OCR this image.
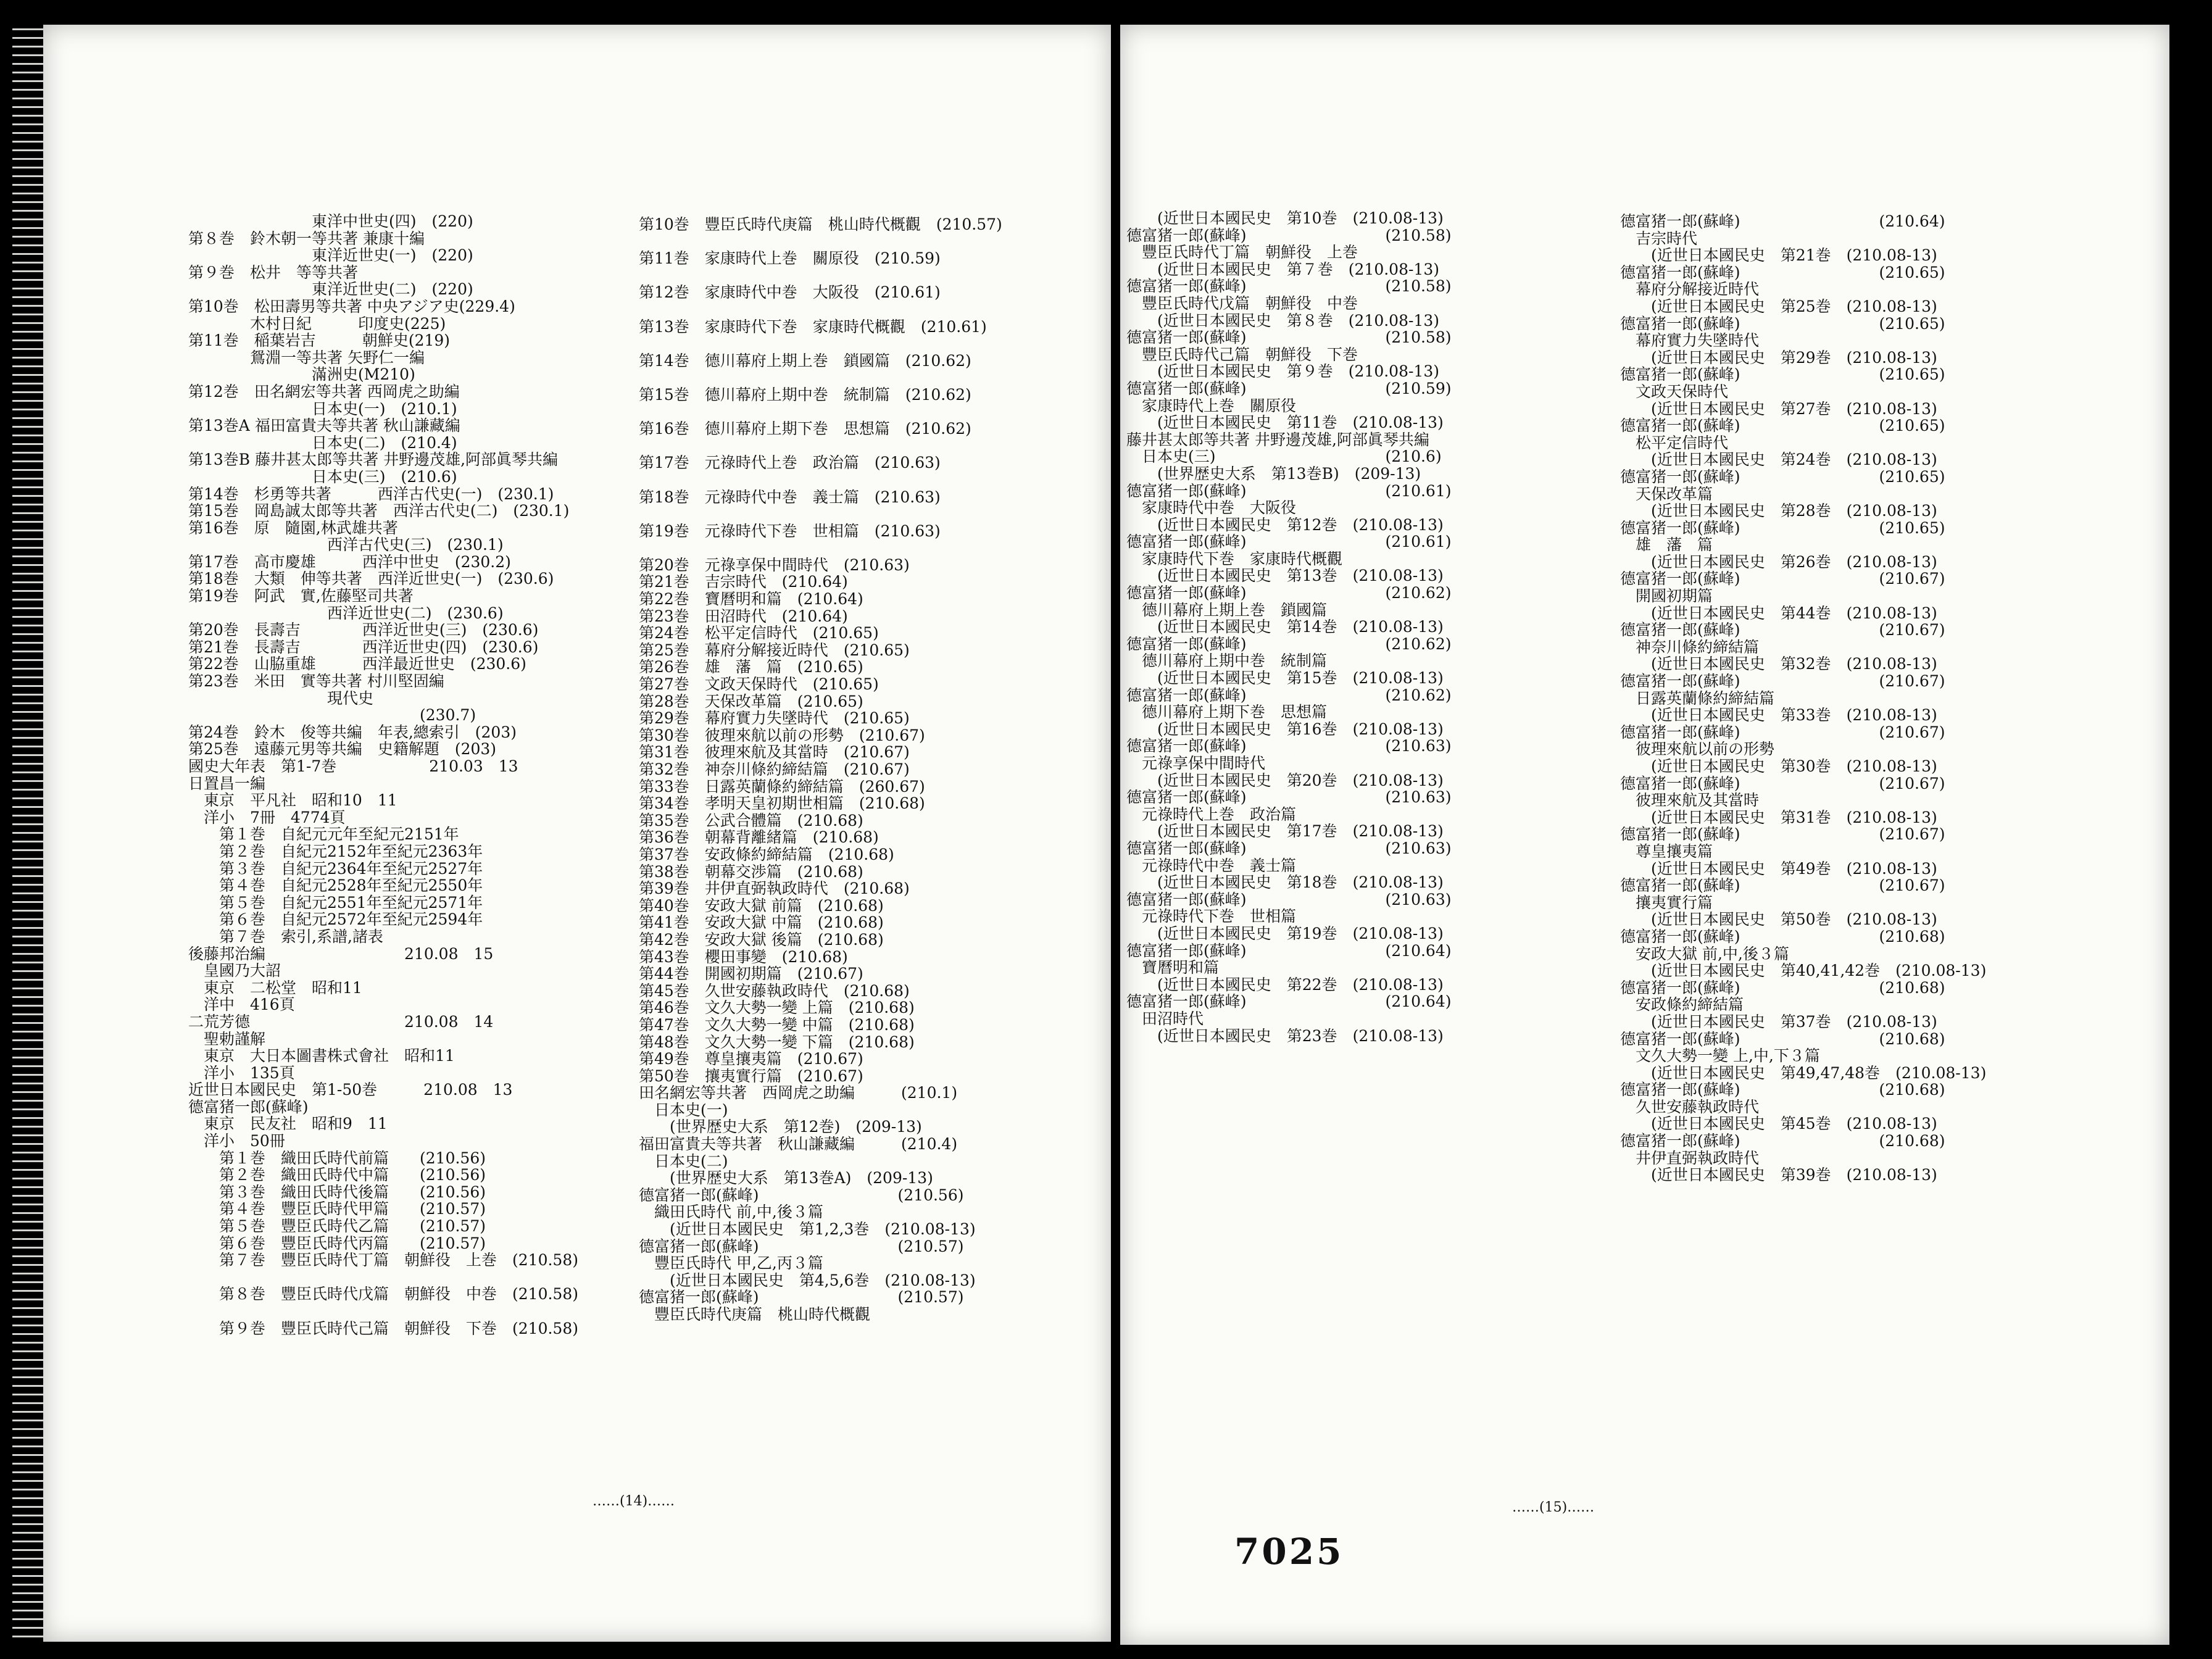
　　　　　　　　東洋中世史(四)　(220)
第８巻　鈴木朝一等共著 兼康十編
　　　　　　　　東洋近世史(一)　(220)
第９巻　松井　等等共著
　　　　　　　　東洋近世史(二)　(220)
第10巻　松田壽男等共著 中央アジア史(229.4)
　　　　木村日紀　　　印度史(225)
第11巻　稲葉岩吉　　　朝鮮史(219)
　　　　鴛淵一等共著 矢野仁一編
　　　　　　　　滿洲史(M210)
第12巻　田名網宏等共著 西岡虎之助編
　　　　　　　　日本史(一)　(210.1)
第13巻A 福田富貴夫等共著 秋山謙藏編
　　　　　　　　日本史(二)　(210.4)
第13巻B 藤井甚太郎等共著 井野邊茂雄,阿部眞琴共編
　　　　　　　　日本史(三)　(210.6)
第14巻　杉勇等共著　　　西洋古代史(一)　(230.1)
第15巻　岡島誠太郎等共著　西洋古代史(二)　(230.1)
第16巻　原　隨園,林武雄共著
　　　　　　　　　西洋古代史(三)　(230.1)
第17巻　高市慶雄　　　西洋中世史　(230.2)
第18巻　大類　伸等共著　西洋近世史(一)　(230.6)
第19巻　阿武　實,佐藤堅司共著
　　　　　　　　　西洋近世史(二)　(230.6)
第20巻　長壽吉　　　　西洋近世史(三)　(230.6)
第21巻　長壽吉　　　　西洋近世史(四)　(230.6)
第22巻　山脇重雄　　　西洋最近世史　(230.6)
第23巻　米田　實等共著 村川堅固編
　　　　　　　　　現代史
　　　　　　　　　　　　　　　(230.7)
第24巻　鈴木　俊等共編　年表,總索引　(203)
第25巻　遠藤元男等共編　史籍解題　(203)
國史大年表　第1-7巻　　　　　　210.03　13
日置昌一編
　東京　平凡社　昭和10　11
　洋小　7冊　4774頁
　　第１巻　自紀元元年至紀元2151年
　　第２巻　自紀元2152年至紀元2363年
　　第３巻　自紀元2364年至紀元2527年
　　第４巻　自紀元2528年至紀元2550年
　　第５巻　自紀元2551年至紀元2571年
　　第６巻　自紀元2572年至紀元2594年
　　第７巻　索引,系譜,諸表
後藤邦治編　　　　　　　　　210.08　15
　皇國乃大詔
　東京　二松堂　昭和11
　洋中　416頁
二荒芳德　　　　　　　　　　210.08　14
　聖勅謹解
　東京　大日本圖書株式會社　昭和11
　洋小　135頁
近世日本國民史　第1-50巻　　　210.08　13
德富猪一郎(蘇峰)
　東京　民友社　昭和9　11
　洋小　50冊
　　第１巻　織田氏時代前篇　　(210.56)
　　第２巻　織田氏時代中篇　　(210.56)
　　第３巻　織田氏時代後篇　　(210.56)
　　第４巻　豐臣氏時代甲篇　　(210.57)
　　第５巻　豐臣氏時代乙篇　　(210.57)
　　第６巻　豐臣氏時代丙篇　　(210.57)
　　第７巻　豐臣氏時代丁篇　朝鮮役　上巻　(210.58)
　　第８巻　豐臣氏時代戊篇　朝鮮役　中巻　(210.58)
　　第９巻　豐臣氏時代己篇　朝鮮役　下巻　(210.58)
第10巻　豐臣氏時代庚篇　桃山時代概觀　(210.57)
第11巻　家康時代上巻　關原役　(210.59)
第12巻　家康時代中巻　大阪役　(210.61)
第13巻　家康時代下巻　家康時代概觀　(210.61)
第14巻　德川幕府上期上巻　鎖國篇　(210.62)
第15巻　德川幕府上期中巻　統制篇　(210.62)
第16巻　德川幕府上期下巻　思想篇　(210.62)
第17巻　元祿時代上巻　政治篇　(210.63)
第18巻　元祿時代中巻　義士篇　(210.63)
第19巻　元祿時代下巻　世相篇　(210.63)
第20巻　元祿享保中間時代　(210.63)
第21巻　吉宗時代　(210.64)
第22巻　寶曆明和篇　(210.64)
第23巻　田沼時代　(210.64)
第24巻　松平定信時代　(210.65)
第25巻　幕府分解接近時代　(210.65)
第26巻　雄　藩　篇　(210.65)
第27巻　文政天保時代　(210.65)
第28巻　天保改革篇　(210.65)
第29巻　幕府實力失墜時代　(210.65)
第30巻　彼理來航以前の形勢　(210.67)
第31巻　彼理來航及其當時　(210.67)
第32巻　神奈川條約締結篇　(210.67)
第33巻　日露英蘭條約締結篇　(260.67)
第34巻　孝明天皇初期世相篇　(210.68)
第35巻　公武合體篇　(210.68)
第36巻　朝幕背離緒篇　(210.68)
第37巻　安政條約締結篇　(210.68)
第38巻　朝幕交渉篇　(210.68)
第39巻　井伊直弼執政時代　(210.68)
第40巻　安政大獄 前篇　(210.68)
第41巻　安政大獄 中篇　(210.68)
第42巻　安政大獄 後篇　(210.68)
第43巻　櫻田事變　(210.68)
第44巻　開國初期篇　(210.67)
第45巻　久世安藤執政時代　(210.68)
第46巻　文久大勢一變 上篇　(210.68)
第47巻　文久大勢一變 中篇　(210.68)
第48巻　文久大勢一變 下篇　(210.68)
第49巻　尊皇攘夷篇　(210.67)
第50巻　攘夷實行篇　(210.67)
田名網宏等共著　西岡虎之助編　　　(210.1)
　日本史(一)
　　(世界歴史大系　第12巻)　(209-13)
福田富貴夫等共著　秋山謙藏編　　　(210.4)
　日本史(二)
　　(世界歴史大系　第13巻A)　(209-13)
德富猪一郎(蘇峰)　　　　　　　　　(210.56)
　織田氏時代 前,中,後３篇
　　(近世日本國民史　第1,2,3巻　(210.08-13)
德富猪一郎(蘇峰)　　　　　　　　　(210.57)
　豐臣氏時代 甲,乙,丙３篇
　　(近世日本國民史　第4,5,6巻　(210.08-13)
德富猪一郎(蘇峰)　　　　　　　　　(210.57)
　豐臣氏時代庚篇　桃山時代概觀
……(14)……
　　(近世日本國民史　第10巻　(210.08-13)
德富猪一郎(蘇峰)　　　　　　　　　(210.58)
　豐臣氏時代丁篇　朝鮮役　上巻
　　(近世日本國民史　第７巻　(210.08-13)
德富猪一郎(蘇峰)　　　　　　　　　(210.58)
　豐臣氏時代戊篇　朝鮮役　中巻
　　(近世日本國民史　第８巻　(210.08-13)
德富猪一郎(蘇峰)　　　　　　　　　(210.58)
　豐臣氏時代己篇　朝鮮役　下巻
　　(近世日本國民史　第９巻　(210.08-13)
德富猪一郎(蘇峰)　　　　　　　　　(210.59)
　家康時代上巻　關原役
　　(近世日本國民史　第11巻　(210.08-13)
藤井甚太郎等共著 井野邊茂雄,阿部眞琴共編
　日本史(三)　　　　　　　　　　　(210.6)
　　(世界歴史大系　第13巻B)　(209-13)
德富猪一郎(蘇峰)　　　　　　　　　(210.61)
　家康時代中巻　大阪役
　　(近世日本國民史　第12巻　(210.08-13)
德富猪一郎(蘇峰)　　　　　　　　　(210.61)
　家康時代下巻　家康時代概觀
　　(近世日本國民史　第13巻　(210.08-13)
德富猪一郎(蘇峰)　　　　　　　　　(210.62)
　德川幕府上期上巻　鎖國篇
　　(近世日本國民史　第14巻　(210.08-13)
德富猪一郎(蘇峰)　　　　　　　　　(210.62)
　德川幕府上期中巻　統制篇
　　(近世日本國民史　第15巻　(210.08-13)
德富猪一郎(蘇峰)　　　　　　　　　(210.62)
　德川幕府上期下巻　思想篇
　　(近世日本國民史　第16巻　(210.08-13)
德富猪一郎(蘇峰)　　　　　　　　　(210.63)
　元祿享保中間時代
　　(近世日本國民史　第20巻　(210.08-13)
德富猪一郎(蘇峰)　　　　　　　　　(210.63)
　元祿時代上巻　政治篇
　　(近世日本國民史　第17巻　(210.08-13)
德富猪一郎(蘇峰)　　　　　　　　　(210.63)
　元祿時代中巻　義士篇
　　(近世日本國民史　第18巻　(210.08-13)
德富猪一郎(蘇峰)　　　　　　　　　(210.63)
　元祿時代下巻　世相篇
　　(近世日本國民史　第19巻　(210.08-13)
德富猪一郎(蘇峰)　　　　　　　　　(210.64)
　寶曆明和篇
　　(近世日本國民史　第22巻　(210.08-13)
德富猪一郎(蘇峰)　　　　　　　　　(210.64)
　田沼時代
　　(近世日本國民史　第23巻　(210.08-13)
德富猪一郎(蘇峰)　　　　　　　　　(210.64)
　吉宗時代
　　(近世日本國民史　第21巻　(210.08-13)
德富猪一郎(蘇峰)　　　　　　　　　(210.65)
　幕府分解接近時代
　　(近世日本國民史　第25巻　(210.08-13)
德富猪一郎(蘇峰)　　　　　　　　　(210.65)
　幕府實力失墜時代
　　(近世日本國民史　第29巻　(210.08-13)
德富猪一郎(蘇峰)　　　　　　　　　(210.65)
　文政天保時代
　　(近世日本國民史　第27巻　(210.08-13)
德富猪一郎(蘇峰)　　　　　　　　　(210.65)
　松平定信時代
　　(近世日本國民史　第24巻　(210.08-13)
德富猪一郎(蘇峰)　　　　　　　　　(210.65)
　天保改革篇
　　(近世日本國民史　第28巻　(210.08-13)
德富猪一郎(蘇峰)　　　　　　　　　(210.65)
　雄　藩　篇
　　(近世日本國民史　第26巻　(210.08-13)
德富猪一郎(蘇峰)　　　　　　　　　(210.67)
　開國初期篇
　　(近世日本國民史　第44巻　(210.08-13)
德富猪一郎(蘇峰)　　　　　　　　　(210.67)
　神奈川條約締結篇
　　(近世日本國民史　第32巻　(210.08-13)
德富猪一郎(蘇峰)　　　　　　　　　(210.67)
　日露英蘭條約締結篇
　　(近世日本國民史　第33巻　(210.08-13)
德富猪一郎(蘇峰)　　　　　　　　　(210.67)
　彼理來航以前の形勢
　　(近世日本國民史　第30巻　(210.08-13)
德富猪一郎(蘇峰)　　　　　　　　　(210.67)
　彼理來航及其當時
　　(近世日本國民史　第31巻　(210.08-13)
德富猪一郎(蘇峰)　　　　　　　　　(210.67)
　尊皇攘夷篇
　　(近世日本國民史　第49巻　(210.08-13)
德富猪一郎(蘇峰)　　　　　　　　　(210.67)
　攘夷實行篇
　　(近世日本國民史　第50巻　(210.08-13)
德富猪一郎(蘇峰)　　　　　　　　　(210.68)
　安政大獄 前,中,後３篇
　　(近世日本國民史　第40,41,42巻　(210.08-13)
德富猪一郎(蘇峰)　　　　　　　　　(210.68)
　安政條約締結篇
　　(近世日本國民史　第37巻　(210.08-13)
德富猪一郎(蘇峰)　　　　　　　　　(210.68)
　文久大勢一變 上,中,下３篇
　　(近世日本國民史　第49,47,48巻　(210.08-13)
德富猪一郎(蘇峰)　　　　　　　　　(210.68)
　久世安藤執政時代
　　(近世日本國民史　第45巻　(210.08-13)
德富猪一郎(蘇峰)　　　　　　　　　(210.68)
　井伊直弼執政時代
　　(近世日本國民史　第39巻　(210.08-13)
……(15)……
7025
